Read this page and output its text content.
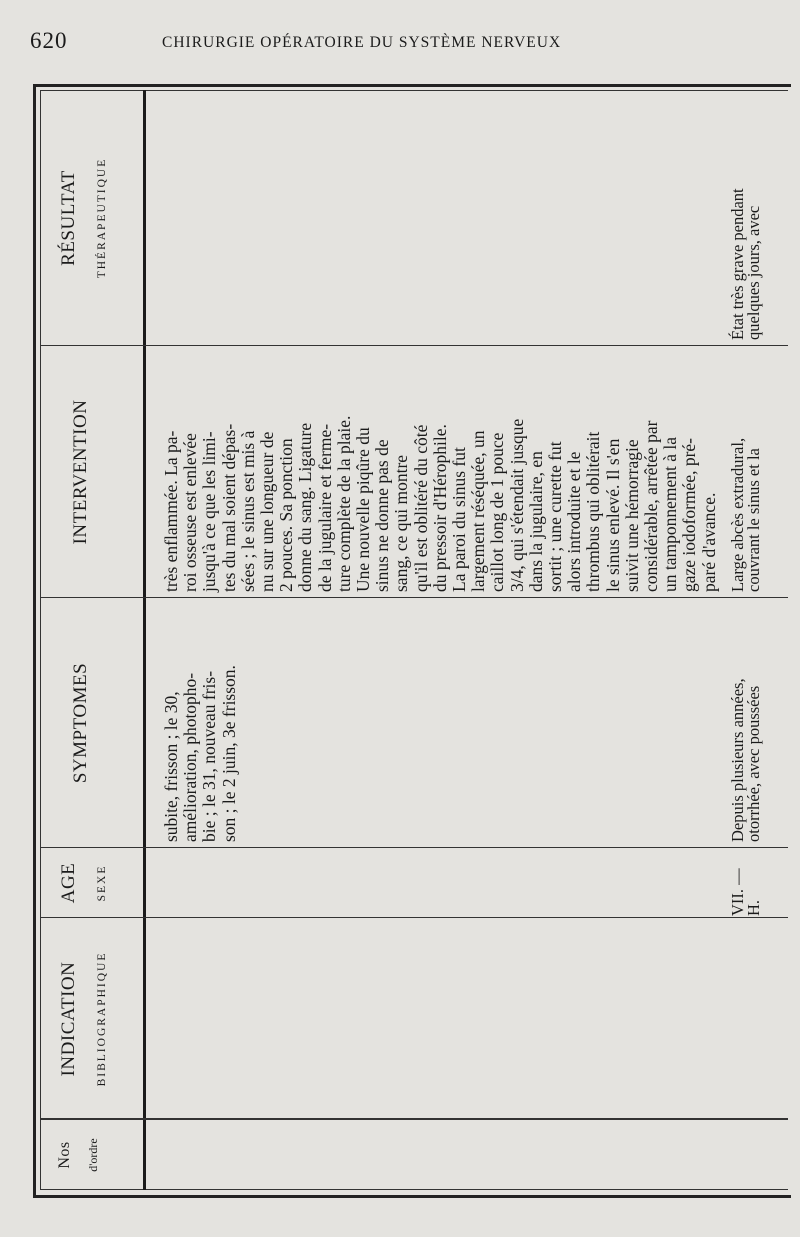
620	CHIRURGIE OPÉRATOIRE DU SYSTÈME NERVEUX
Nos d'ordre
INDICATION BIBLIOGRAPHIQUE
AGE SEXE
SYMPTOMES
INTERVENTION
RÉSULTAT THÉRAPEUTIQUE

subite, frisson ; le 30, amélioration, photopho- bie ; le 31, nouveau fris- son ; le 2 juin, 3e frisson.

très enflammée. La pa- roi osseuse est enlevée jusqu'à ce que les limi- tes du mal soient dépas- sées ; le sinus est mis à nu sur une longueur de 2 pouces. Sa ponction donne du sang. Ligature de la jugulaire et ferme- ture complète de la plaie. Une nouvelle piqûre du sinus ne donne pas de sang, ce qui montre qu'il est oblitéré du côté du pressoir d'Hérophile. La paroi du sinus fut largement réséquée, un caillot long de 1 pouce 3/4, qui s'étendait jusque dans la jugulaire, en sortit ; une curette fut alors introduite et le thrombus qui oblitérait le sinus enlevé. Il s'en suivit une hémorragie considérable, arrêtée par un tamponnement à la gaze iodoformée, pré- paré d'avance.

VII. —

H.

Depuis plusieurs années,

otorrhée, avec poussées

Large abcès extradural,

couvrant le sinus et la

État très grave pendant

quelques jours, avec
